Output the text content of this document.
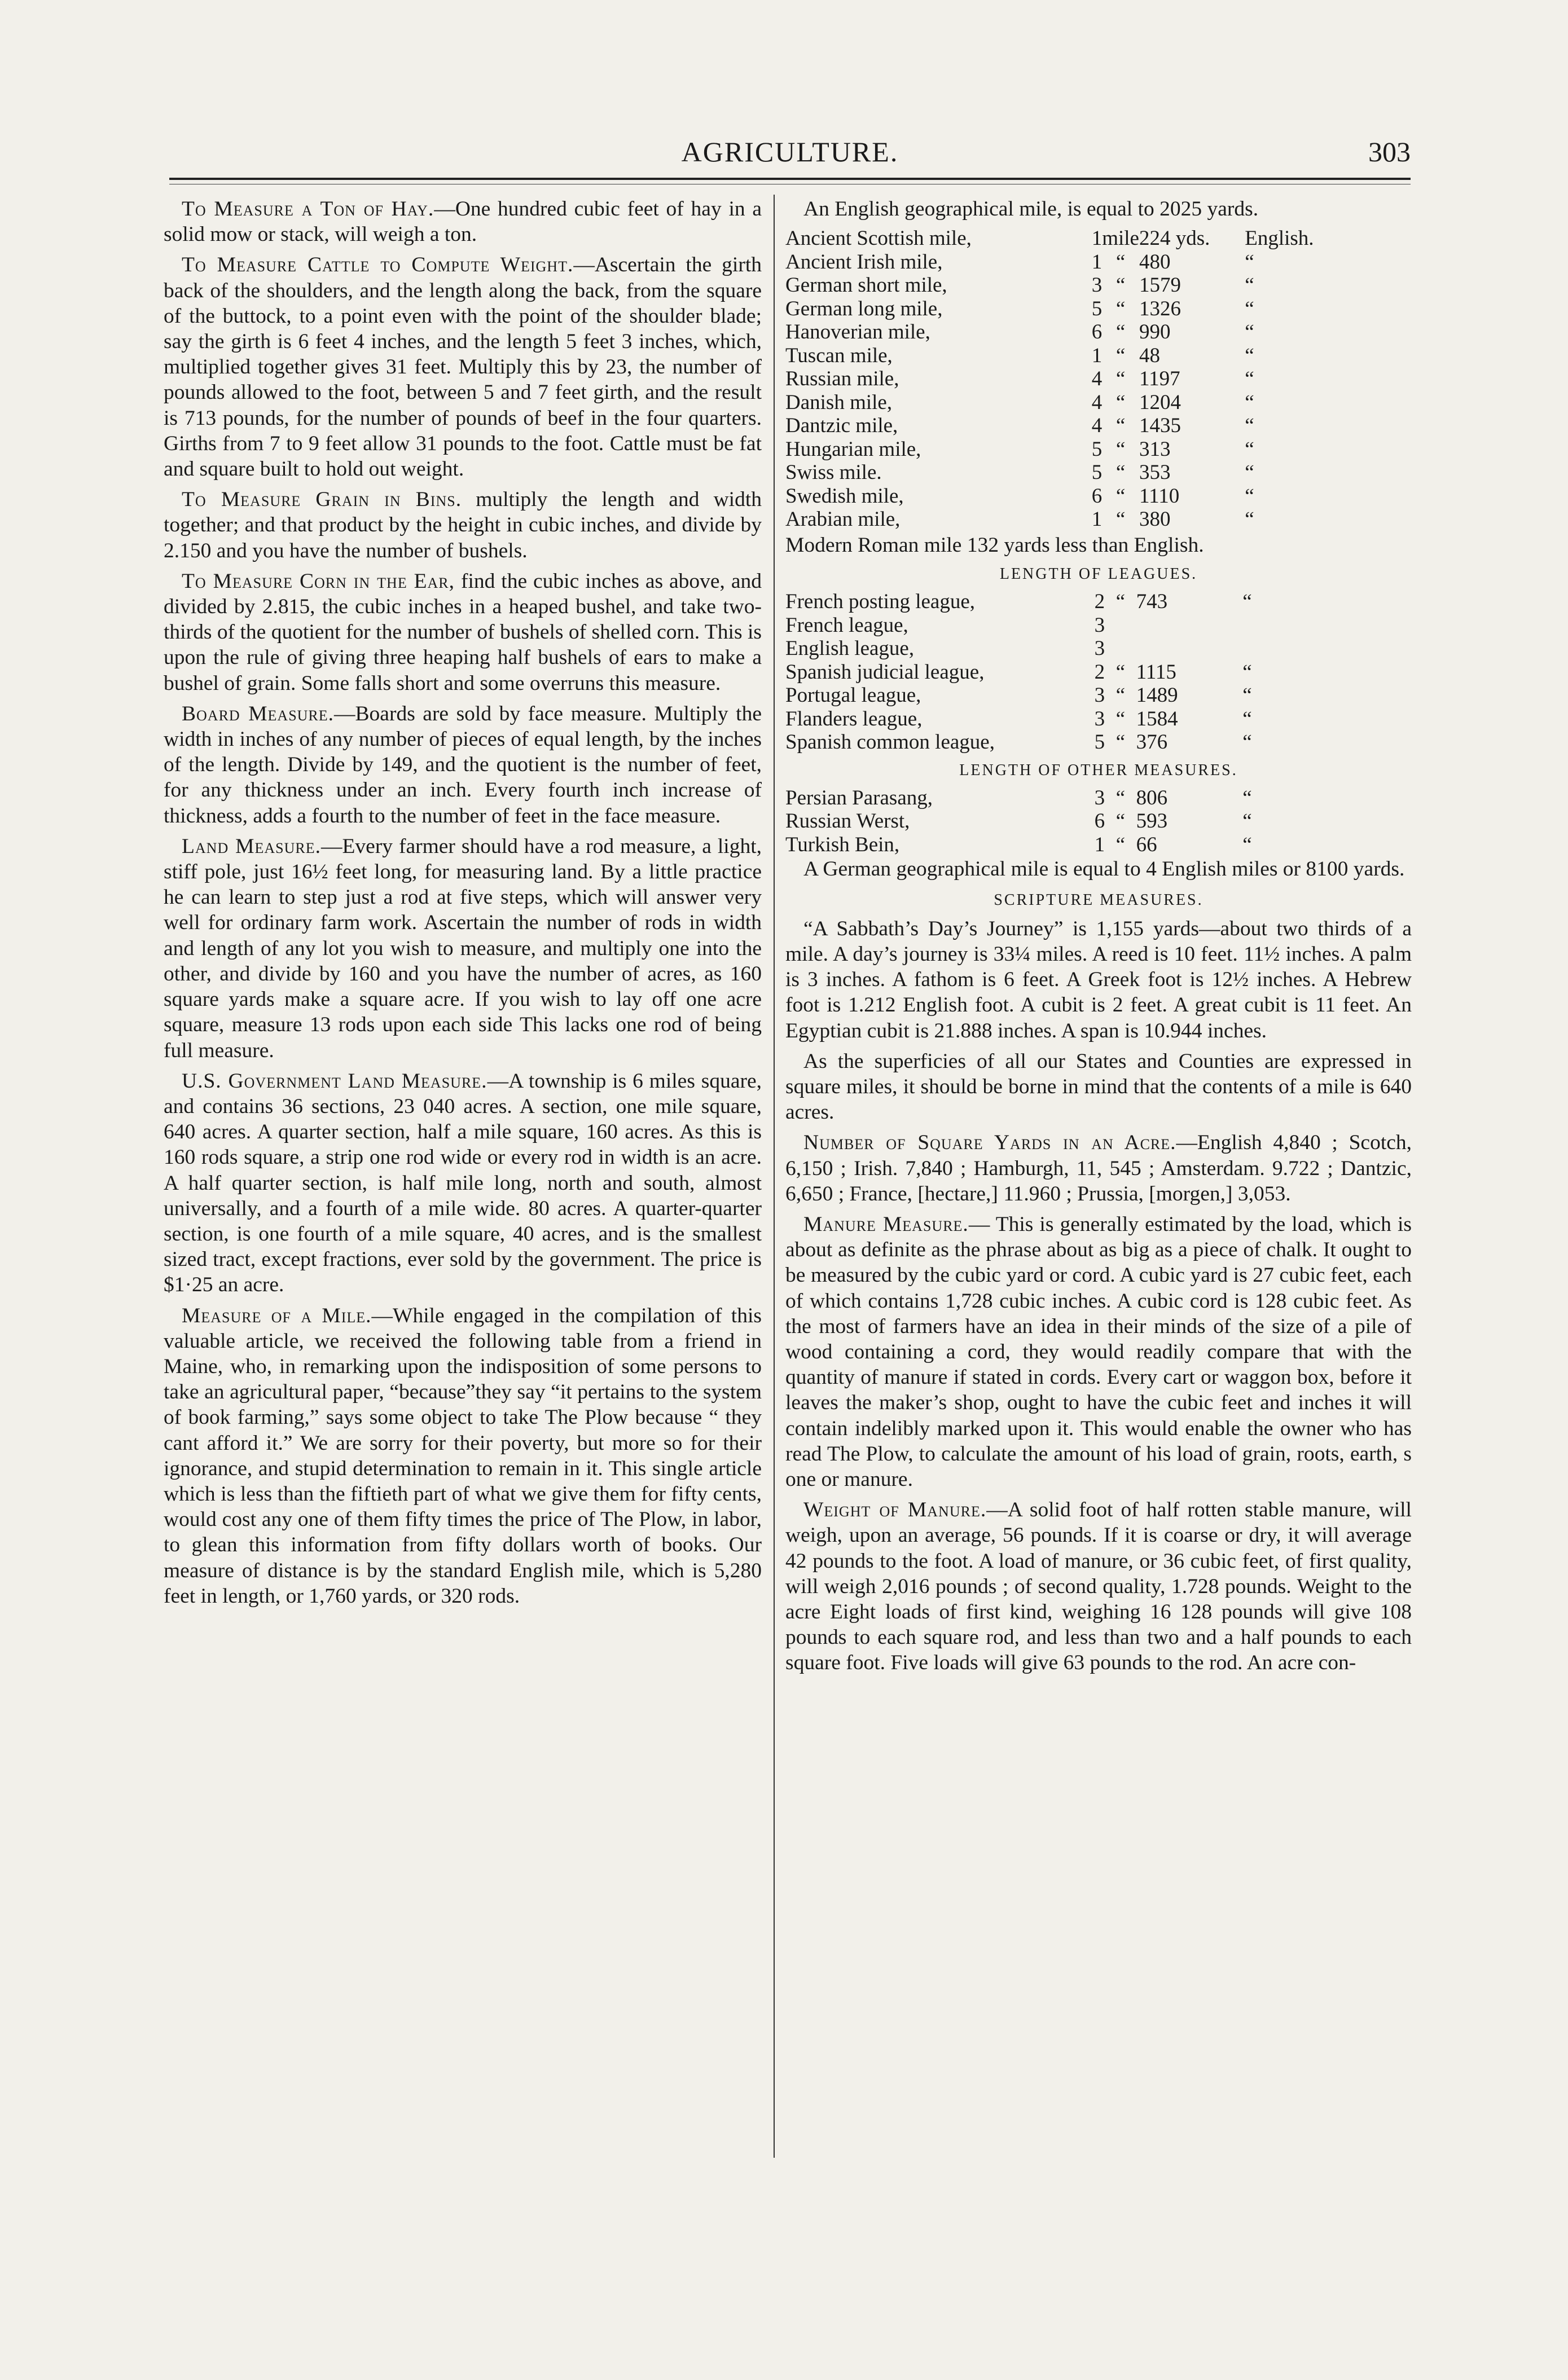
AGRICULTURE.	303

To Measure a Ton of Hay.—One hundred cubic feet of hay in a solid mow or stack, will weigh a ton.

To Measure Cattle to Compute Weight.—Ascertain the girth back of the shoulders, and the length along the back, from the square of the buttock, to a point even with the point of the shoulder blade; say the girth is 6 feet 4 inches, and the length 5 feet 3 inches, which, multiplied together gives 31 feet. Multiply this by 23, the number of pounds allowed to the foot, between 5 and 7 feet girth, and the result is 713 pounds, for the number of pounds of beef in the four quarters. Girths from 7 to 9 feet allow 31 pounds to the foot. Cattle must be fat and square built to hold out weight.

To Measure Grain in Bins. multiply the length and width together; and that product by the height in cubic inches, and divide by 2.150 and you have the number of bushels.

To Measure Corn in the Ear, find the cubic inches as above, and divided by 2.815, the cubic inches in a heaped bushel, and take two-thirds of the quotient for the number of bushels of shelled corn. This is upon the rule of giving three heaping half bushels of ears to make a bushel of grain. Some falls short and some overruns this measure.

Board Measure.—Boards are sold by face measure. Multiply the width in inches of any number of pieces of equal length, by the inches of the length. Divide by 149, and the quotient is the number of feet, for any thickness under an inch. Every fourth inch increase of thickness, adds a fourth to the number of feet in the face measure.

Land Measure.—Every farmer should have a rod measure, a light, stiff pole, just 16½ feet long, for measuring land. By a little practice he can learn to step just a rod at five steps, which will answer very well for ordinary farm work. Ascertain the number of rods in width and length of any lot you wish to measure, and multiply one into the other, and divide by 160 and you have the number of acres, as 160 square yards make a square acre. If you wish to lay off one acre square, measure 13 rods upon each side This lacks one rod of being full measure.

U.S. Government Land Measure.—A township is 6 miles square, and contains 36 sections, 23 040 acres. A section, one mile square, 640 acres. A quarter section, half a mile square, 160 acres. As this is 160 rods square, a strip one rod wide or every rod in width is an acre. A half quarter section, is half mile long, north and south, almost universally, and a fourth of a mile wide. 80 acres. A quarter-quarter section, is one fourth of a mile square, 40 acres, and is the smallest sized tract, except fractions, ever sold by the government. The price is $1·25 an acre.

Measure of a Mile.—While engaged in the compilation of this valuable article, we received the following table from a friend in Maine, who, in remarking upon the indisposition of some persons to take an agricultural paper, “because”they say “it pertains to the system of book farming,” says some object to take The Plow because “ they cant afford it.” We are sorry for their poverty, but more so for their ignorance, and stupid determination to remain in it. This single article which is less than the fiftieth part of what we give them for fifty cents, would cost any one of them fifty times the price of The Plow, in labor, to glean this information from fifty dollars worth of books. Our measure of distance is by the standard English mile, which is 5,280 feet in length, or 1,760 yards, or 320 rods.

An English geographical mile, is equal to 2025 yards.

Ancient Scottish mile,	1	mile	224 yds.	English.
Ancient Irish mile,	1	“	480	“
German short mile,	3	“	1579	“
German long mile,	5	“	1326	“
Hanoverian mile,	6	“	990	“
Tuscan mile,	1	“	48	“
Russian mile,	4	“	1197	“
Danish mile,	4	“	1204	“
Dantzic mile,	4	“	1435	“
Hungarian mile,	5	“	313	“
Swiss mile.	5	“	353	“
Swedish mile,	6	“	1110	“
Arabian mile,	1	“	380	“

Modern Roman mile 132 yards less than English.

LENGTH OF LEAGUES.
French posting league,	2	“	743	“
French league,	3			
English league,	3			
Spanish judicial league,	2	“	1115	“
Portugal league,	3	“	1489	“
Flanders league,	3	“	1584	“
Spanish common league,	5	“	376	“
LENGTH OF OTHER MEASURES.
Persian Parasang,	3	“	806	“
Russian Werst,	6	“	593	“
Turkish Bein,	1	“	66	“

A German geographical mile is equal to 4 English miles or 8100 yards.

SCRIPTURE MEASURES.

“A Sabbath’s Day’s Journey” is 1,155 yards—about two thirds of a mile. A day’s journey is 33¼ miles. A reed is 10 feet. 11½ inches. A palm is 3 inches. A fathom is 6 feet. A Greek foot is 12½ inches. A Hebrew foot is 1.212 English foot. A cubit is 2 feet. A great cubit is 11 feet. An Egyptian cubit is 21.888 inches. A span is 10.944 inches.

As the superficies of all our States and Counties are expressed in square miles, it should be borne in mind that the contents of a mile is 640 acres.

Number of Square Yards in an Acre.—English 4,840 ; Scotch, 6,150 ; Irish. 7,840 ; Hamburgh, 11, 545 ; Amsterdam. 9.722 ; Dantzic, 6,650 ; France, [hectare,] 11.960 ; Prussia, [morgen,] 3,053.

Manure Measure.— This is generally estimated by the load, which is about as definite as the phrase about as big as a piece of chalk. It ought to be measured by the cubic yard or cord. A cubic yard is 27 cubic feet, each of which contains 1,728 cubic inches. A cubic cord is 128 cubic feet. As the most of farmers have an idea in their minds of the size of a pile of wood containing a cord, they would readily compare that with the quantity of manure if stated in cords. Every cart or waggon box, before it leaves the maker’s shop, ought to have the cubic feet and inches it will contain indelibly marked upon it. This would enable the owner who has read The Plow, to calculate the amount of his load of grain, roots, earth, s one or manure.

Weight of Manure.—A solid foot of half rotten stable manure, will weigh, upon an average, 56 pounds. If it is coarse or dry, it will average 42 pounds to the foot. A load of manure, or 36 cubic feet, of first quality, will weigh 2,016 pounds ; of second quality, 1.728 pounds. Weight to the acre Eight loads of first kind, weighing 16 128 pounds will give 108 pounds to each square rod, and less than two and a half pounds to each square foot. Five loads will give 63 pounds to the rod. An acre con-
